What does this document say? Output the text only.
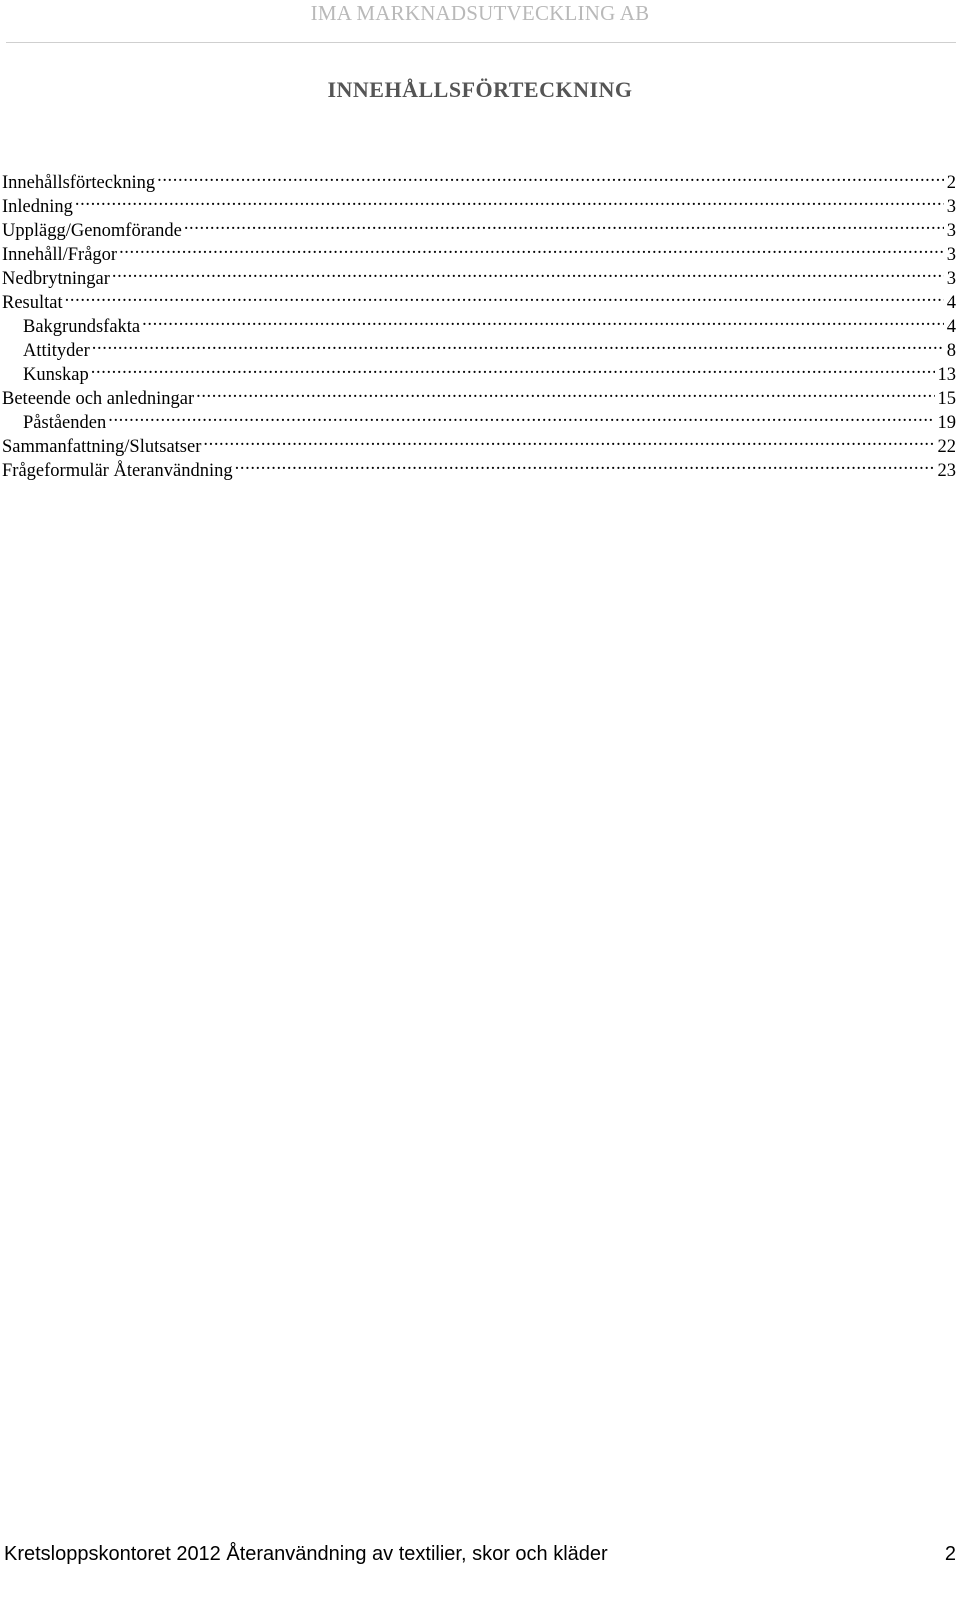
IMA MARKNADSUTVECKLING AB
INNEHÅLLSFÖRTECKNING
Innehållsförteckning .....	2
Inledning .....	3
Upplägg/Genomförande .....	3
Innehåll/Frågor .....	3
Nedbrytningar .....	3
Resultat .....	4
Bakgrundsfakta .....	4
Attityder .....	8
Kunskap .....	13
Beteende och anledningar .....	15
Påståenden .....	19
Sammanfattning/Slutsatser .....	22
Frågeformulär Återanvändning .....	23
Kretsloppskontoret 2012 Återanvändning av textilier, skor och kläder	2
